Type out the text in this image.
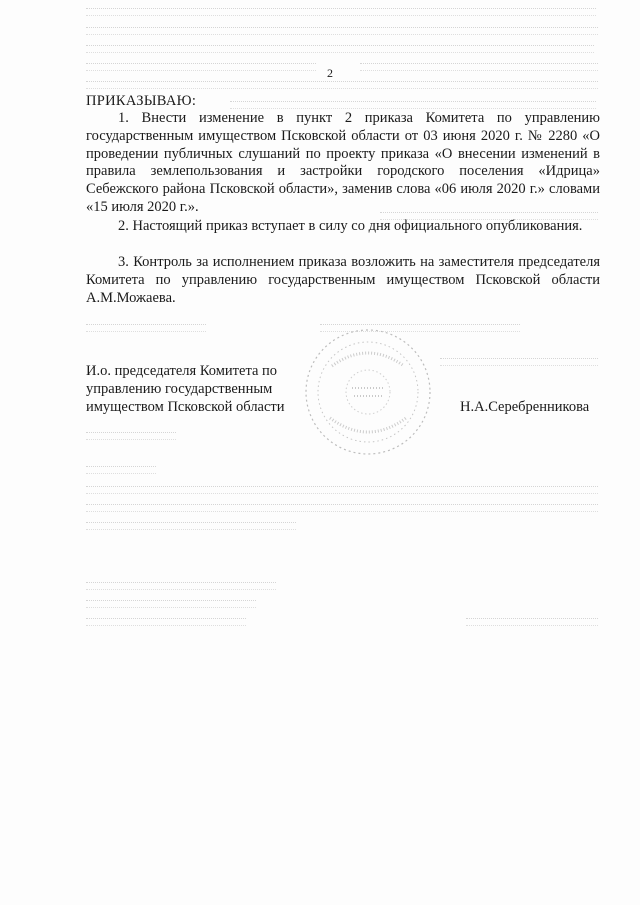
2
ПРИКАЗЫВАЮ:
1. Внести изменение в пункт 2 приказа Комитета по управлению государственным имуществом Псковской области от 03 июня 2020 г. № 2280 «О проведении публичных слушаний по проекту приказа «О внесении изменений в правила землепользования и застройки городского поселения «Идрица» Себежского района Псковской области», заменив слова «06 июля 2020 г.» словами «15 июля 2020 г.».
2. Настоящий приказ вступает в силу со дня официального опубликования.
3. Контроль за исполнением приказа возложить на заместителя председателя Комитета по управлению государственным имуществом Псковской области А.М.Можаева.
И.о. председателя Комитета по управлению государственным имуществом Псковской области	Н.А.Серебренникова
